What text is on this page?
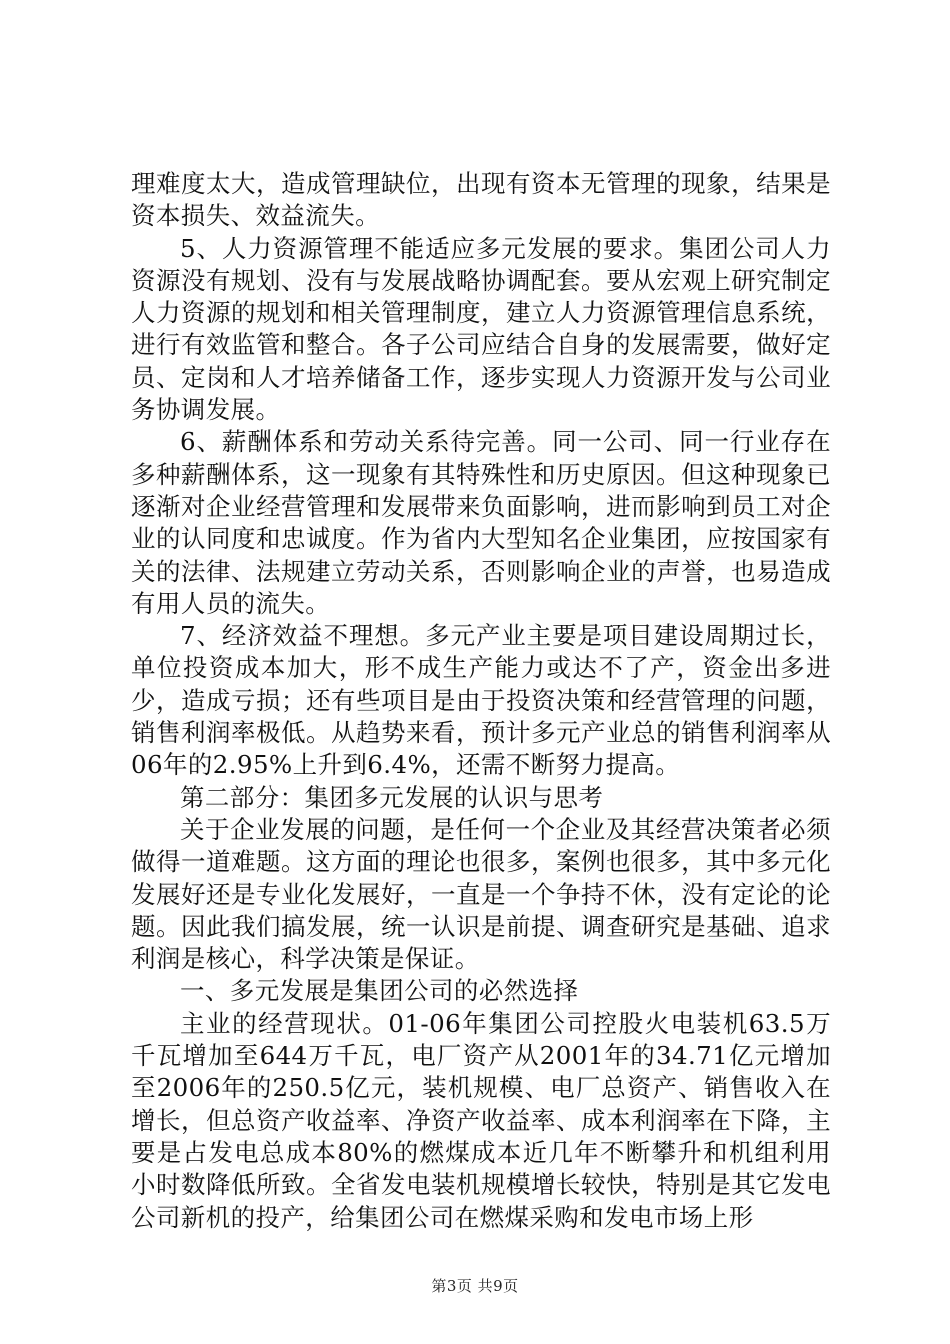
理难度太大，造成管理缺位，出现有资本无管理的现象，结果是资本损失、效益流失。

5、人力资源管理不能适应多元发展的要求。集团公司人力资源没有规划、没有与发展战略协调配套。要从宏观上研究制定人力资源的规划和相关管理制度，建立人力资源管理信息系统，进行有效监管和整合。各子公司应结合自身的发展需要，做好定员、定岗和人才培养储备工作，逐步实现人力资源开发与公司业务协调发展。

6、薪酬体系和劳动关系待完善。同一公司、同一行业存在多种薪酬体系，这一现象有其特殊性和历史原因。但这种现象已逐渐对企业经营管理和发展带来负面影响，进而影响到员工对企业的认同度和忠诚度。作为省内大型知名企业集团，应按国家有关的法律、法规建立劳动关系，否则影响企业的声誉，也易造成有用人员的流失。

7、经济效益不理想。多元产业主要是项目建设周期过长，单位投资成本加大，形不成生产能力或达不了产，资金出多进少，造成亏损；还有些项目是由于投资决策和经营管理的问题，销售利润率极低。从趋势来看，预计多元产业总的销售利润率从06年的2.95%上升到6.4%，还需不断努力提高。

第二部分：集团多元发展的认识与思考

关于企业发展的问题，是任何一个企业及其经营决策者必须做得一道难题。这方面的理论也很多，案例也很多，其中多元化发展好还是专业化发展好，一直是一个争持不休，没有定论的论题。因此我们搞发展，统一认识是前提、调查研究是基础、追求利润是核心，科学决策是保证。

一、多元发展是集团公司的必然选择

主业的经营现状。01-06年集团公司控股火电装机63.5万千瓦增加至644万千瓦，电厂资产从2001年的34.71亿元增加至2006年的250.5亿元，装机规模、电厂总资产、销售收入在增长，但总资产收益率、净资产收益率、成本利润率在下降，主要是占发电总成本80%的燃煤成本近几年不断攀升和机组利用小时数降低所致。全省发电装机规模增长较快，特别是其它发电公司新机的投产，给集团公司在燃煤采购和发电市场上形

第3页 共9页
